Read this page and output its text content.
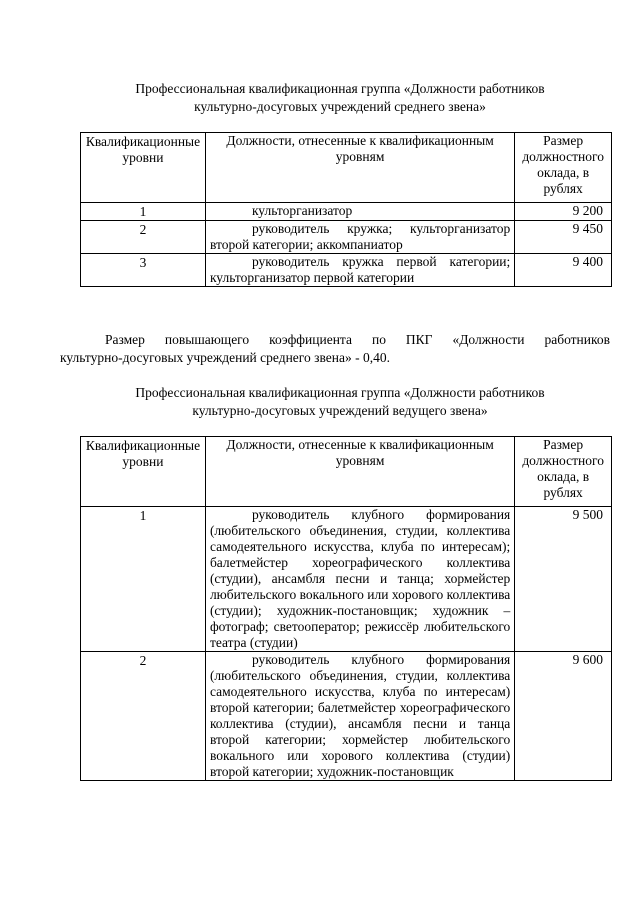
Профессиональная квалификационная группа «Должности работников
культурно-досуговых учреждений среднего звена»
Квалификационные уровни	Должности, отнесенные к квалификационным уровням	Размер должностного оклада, в рублях
1	культорганизатор	9 200
2	руководитель кружка; культорганизатор второй категории; аккомпаниатор	9 450
3	руководитель кружка первой категории; культорганизатор первой категории	9 400
Размер повышающего коэффициента по ПКГ «Должности работников
культурно-досуговых учреждений среднего звена» - 0,40.
Профессиональная квалификационная группа «Должности работников
культурно-досуговых учреждений ведущего звена»
Квалификационные уровни	Должности, отнесенные к квалификационным уровням	Размер должностного оклада, в рублях
1	руководитель клубного формирования (любительского объединения, студии, коллектива самодеятельного искусства, клуба по интересам); балетмейстер хореографического коллектива (студии), ансамбля песни и танца; хормейстер любительского вокального или хорового коллектива (студии); художник-постановщик; художник – фотограф; светооператор; режиссёр любительского театра (студии)	9 500
2	руководитель клубного формирования (любительского объединения, студии, коллектива самодеятельного искусства, клуба по интересам) второй категории; балетмейстер хореографического коллектива (студии), ансамбля песни и танца второй категории; хормейстер любительского вокального или хорового коллектива (студии) второй категории; художник-постановщик	9 600
